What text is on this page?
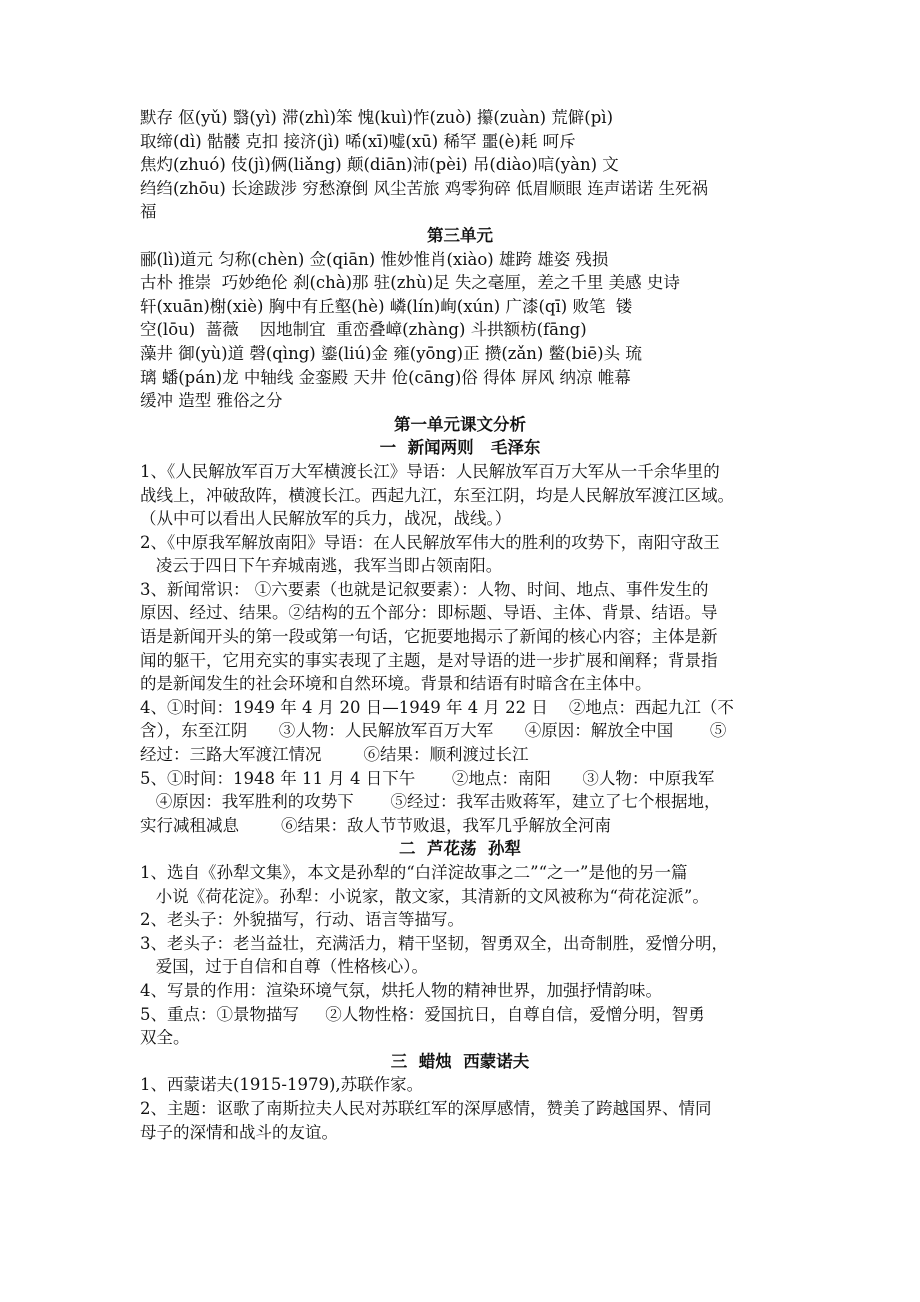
默存 伛(yǔ) 翳(yì) 滞(zhì)笨 愧(kuì)怍(zuò) 攥(zuàn) 荒僻(pì)
取缔(dì) 骷髅 克扣 接济(jì) 唏(xī)嘘(xū) 稀罕 噩(è)耗 呵斥
焦灼(zhuó) 伎(jì)俩(liǎng) 颠(diān)沛(pèi) 吊(diào)唁(yàn) 文
绉绉(zhōu) 长途跋涉 穷愁潦倒 风尘苦旅 鸡零狗碎 低眉顺眼 连声诺诺 生死祸
福
第三单元
郦(lì)道元 匀称(chèn) 佥(qiān) 惟妙惟肖(xiào) 雄跨 雄姿 残损
古朴 推崇  巧妙绝伦 刹(chà)那 驻(zhù)足 失之毫厘，差之千里 美感 史诗
轩(xuān)榭(xiè) 胸中有丘壑(hè) 嶙(lín)峋(xún) 广漆(qī) 败笔  镂
空(lōu)  蔷薇    因地制宜  重峦叠嶂(zhàng) 斗拱额枋(fāng)
藻井 御(yù)道 磬(qìng) 鎏(liú)金 雍(yōng)正 攒(zǎn) 鳖(biē)头 琉
璃 蟠(pán)龙 中轴线 金銮殿 天井 伧(cāng)俗 得体 屏风 纳凉 帷幕
缓冲 造型 雅俗之分
第一单元课文分析
一  新闻两则   毛泽东
1、《人民解放军百万大军横渡长江》导语：人民解放军百万大军从一千余华里的
战线上，冲破敌阵，横渡长江。西起九江，东至江阴，均是人民解放军渡江区域。
（从中可以看出人民解放军的兵力，战况，战线。）
2、《中原我军解放南阳》导语：在人民解放军伟大的胜利的攻势下，南阳守敌王
凌云于四日下午弃城南逃，我军当即占领南阳。
3、新闻常识： ①六要素（也就是记叙要素）：人物、时间、地点、事件发生的
原因、经过、结果。②结构的五个部分：即标题、导语、主体、背景、结语。导
语是新闻开头的第一段或第一句话，它扼要地揭示了新闻的核心内容；主体是新
闻的躯干，它用充实的事实表现了主题，是对导语的进一步扩展和阐释；背景指
的是新闻发生的社会环境和自然环境。背景和结语有时暗含在主体中。
4、①时间：1949 年 4 月 20 日—1949 年 4 月 22 日    ②地点：西起九江（不
含），东至江阴      ③人物：人民解放军百万大军      ④原因：解放全中国       ⑤
经过：三路大军渡江情况        ⑥结果：顺利渡过长江
5、①时间：1948 年 11 月 4 日下午       ②地点：南阳      ③人物：中原我军
④原因：我军胜利的攻势下       ⑤经过：我军击败蒋军，建立了七个根据地，
实行减租减息        ⑥结果：敌人节节败退，我军几乎解放全河南
二  芦花荡  孙犁
1、选自《孙犁文集》，本文是孙犁的“白洋淀故事之二”“之一”是他的另一篇
小说《荷花淀》。孙犁：小说家，散文家，其清新的文风被称为“荷花淀派”。
2、老头子：外貌描写，行动、语言等描写。
3、老头子：老当益壮，充满活力，精干坚韧，智勇双全，出奇制胜，爱憎分明，
爱国，过于自信和自尊（性格核心）。
4、写景的作用：渲染环境气氛，烘托人物的精神世界，加强抒情韵味。
5、重点：①景物描写     ②人物性格：爱国抗日，自尊自信，爱憎分明，智勇
双全。
三  蜡烛  西蒙诺夫
1、西蒙诺夫(1915-1979),苏联作家。
2、主题：讴歌了南斯拉夫人民对苏联红军的深厚感情，赞美了跨越国界、情同
母子的深情和战斗的友谊。
